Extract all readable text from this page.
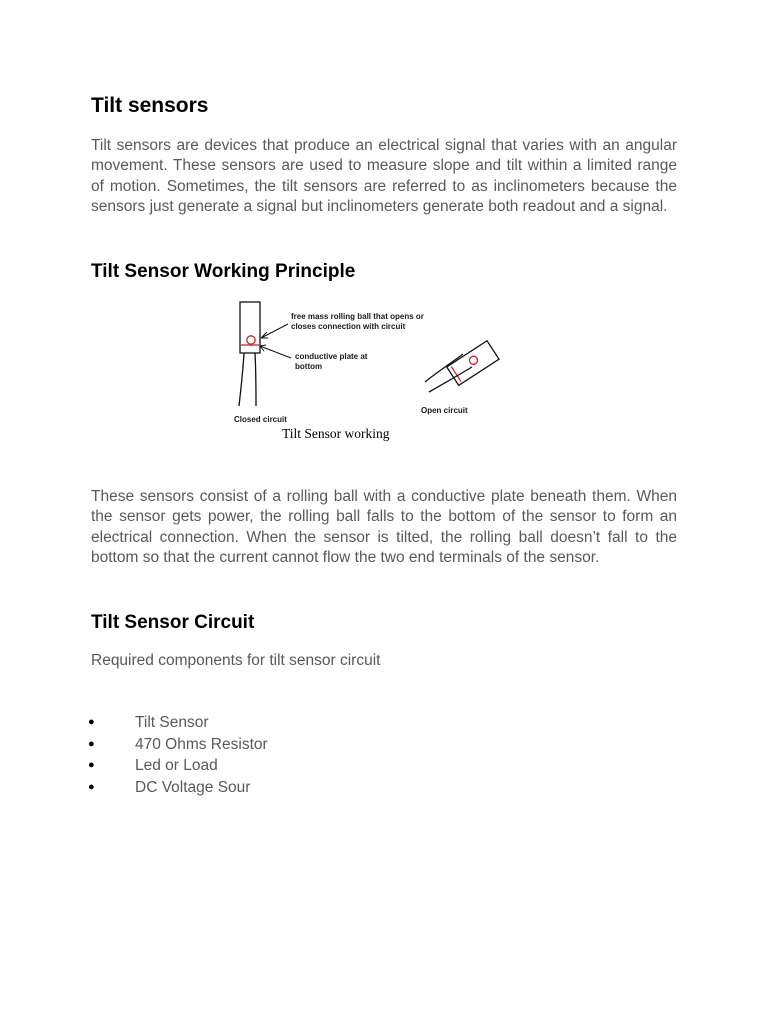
Tilt sensors

Tilt sensors are devices that produce an electrical signal that varies with an angular movement. These sensors are used to measure slope and tilt within a limited range of motion. Sometimes, the tilt sensors are referred to as inclinometers because the sensors just generate a signal but inclinometers generate both readout and a signal.

Tilt Sensor Working Principle
free mass rolling ball that opens or closes connection with circuit
conductive plate at bottom
Closed circuit
Open circuit
Tilt Sensor working

These sensors consist of a rolling ball with a conductive plate beneath them. When the sensor gets power, the rolling ball falls to the bottom of the sensor to form an electrical connection. When the sensor is tilted, the rolling ball doesn’t fall to the bottom so that the current cannot flow the two end terminals of the sensor.

Tilt Sensor Circuit

Required components for tilt sensor circuit

●	Tilt Sensor
●	470 Ohms Resistor
●	Led or Load
●	DC Voltage Sour
